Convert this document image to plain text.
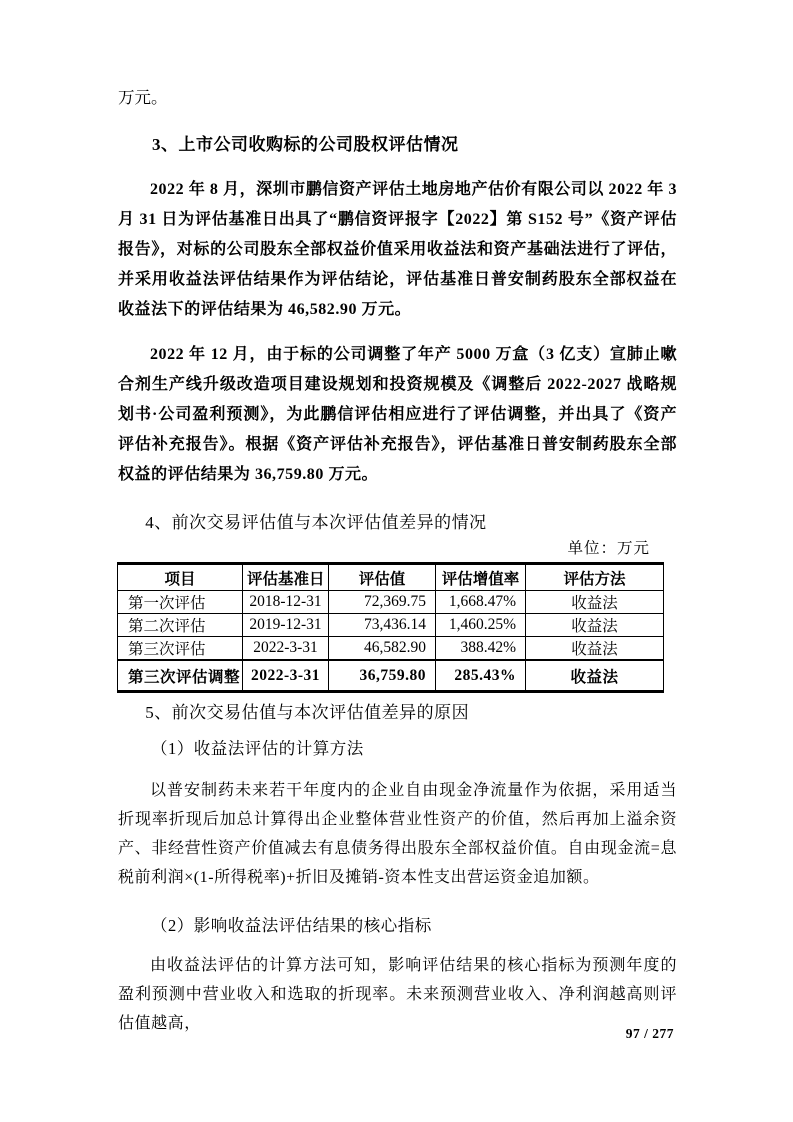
万元。

3、上市公司收购标的公司股权评估情况

2022 年 8 月，深圳市鹏信资产评估土地房地产估价有限公司以 2022 年 3 月 31 日为评估基准日出具了“鹏信资评报字【2022】第 S152 号”《资产评估报告》，对标的公司股东全部权益价值采用收益法和资产基础法进行了评估，并采用收益法评估结果作为评估结论，评估基准日普安制药股东全部权益在收益法下的评估结果为 46,582.90 万元。

2022 年 12 月，由于标的公司调整了年产 5000 万盒（3 亿支）宣肺止嗽合剂生产线升级改造项目建设规划和投资规模及《调整后 2022-2027 战略规划书·公司盈利预测》，为此鹏信评估相应进行了评估调整，并出具了《资产评估补充报告》。根据《资产评估补充报告》，评估基准日普安制药股东全部权益的评估结果为 36,759.80 万元。

4、前次交易评估值与本次评估值差异的情况

单位：万元
项目	评估基准日	评估值	评估增值率	评估方法
第一次评估	2018-12-31	72,369.75	1,668.47%	收益法
第二次评估	2019-12-31	73,436.14	1,460.25%	收益法
第三次评估	2022-3-31	46,582.90	388.42%	收益法
第三次评估调整	2022-3-31	36,759.80	285.43%	收益法

5、前次交易估值与本次评估值差异的原因

（1）收益法评估的计算方法

以普安制药未来若干年度内的企业自由现金净流量作为依据，采用适当折现率折现后加总计算得出企业整体营业性资产的价值，然后再加上溢余资产、非经营性资产价值减去有息债务得出股东全部权益价值。自由现金流=息税前利润×(1-所得税率)+折旧及摊销-资本性支出营运资金追加额。

（2）影响收益法评估结果的核心指标

由收益法评估的计算方法可知，影响评估结果的核心指标为预测年度的盈利预测中营业收入和选取的折现率。未来预测营业收入、净利润越高则评估值越高，

97 / 277
